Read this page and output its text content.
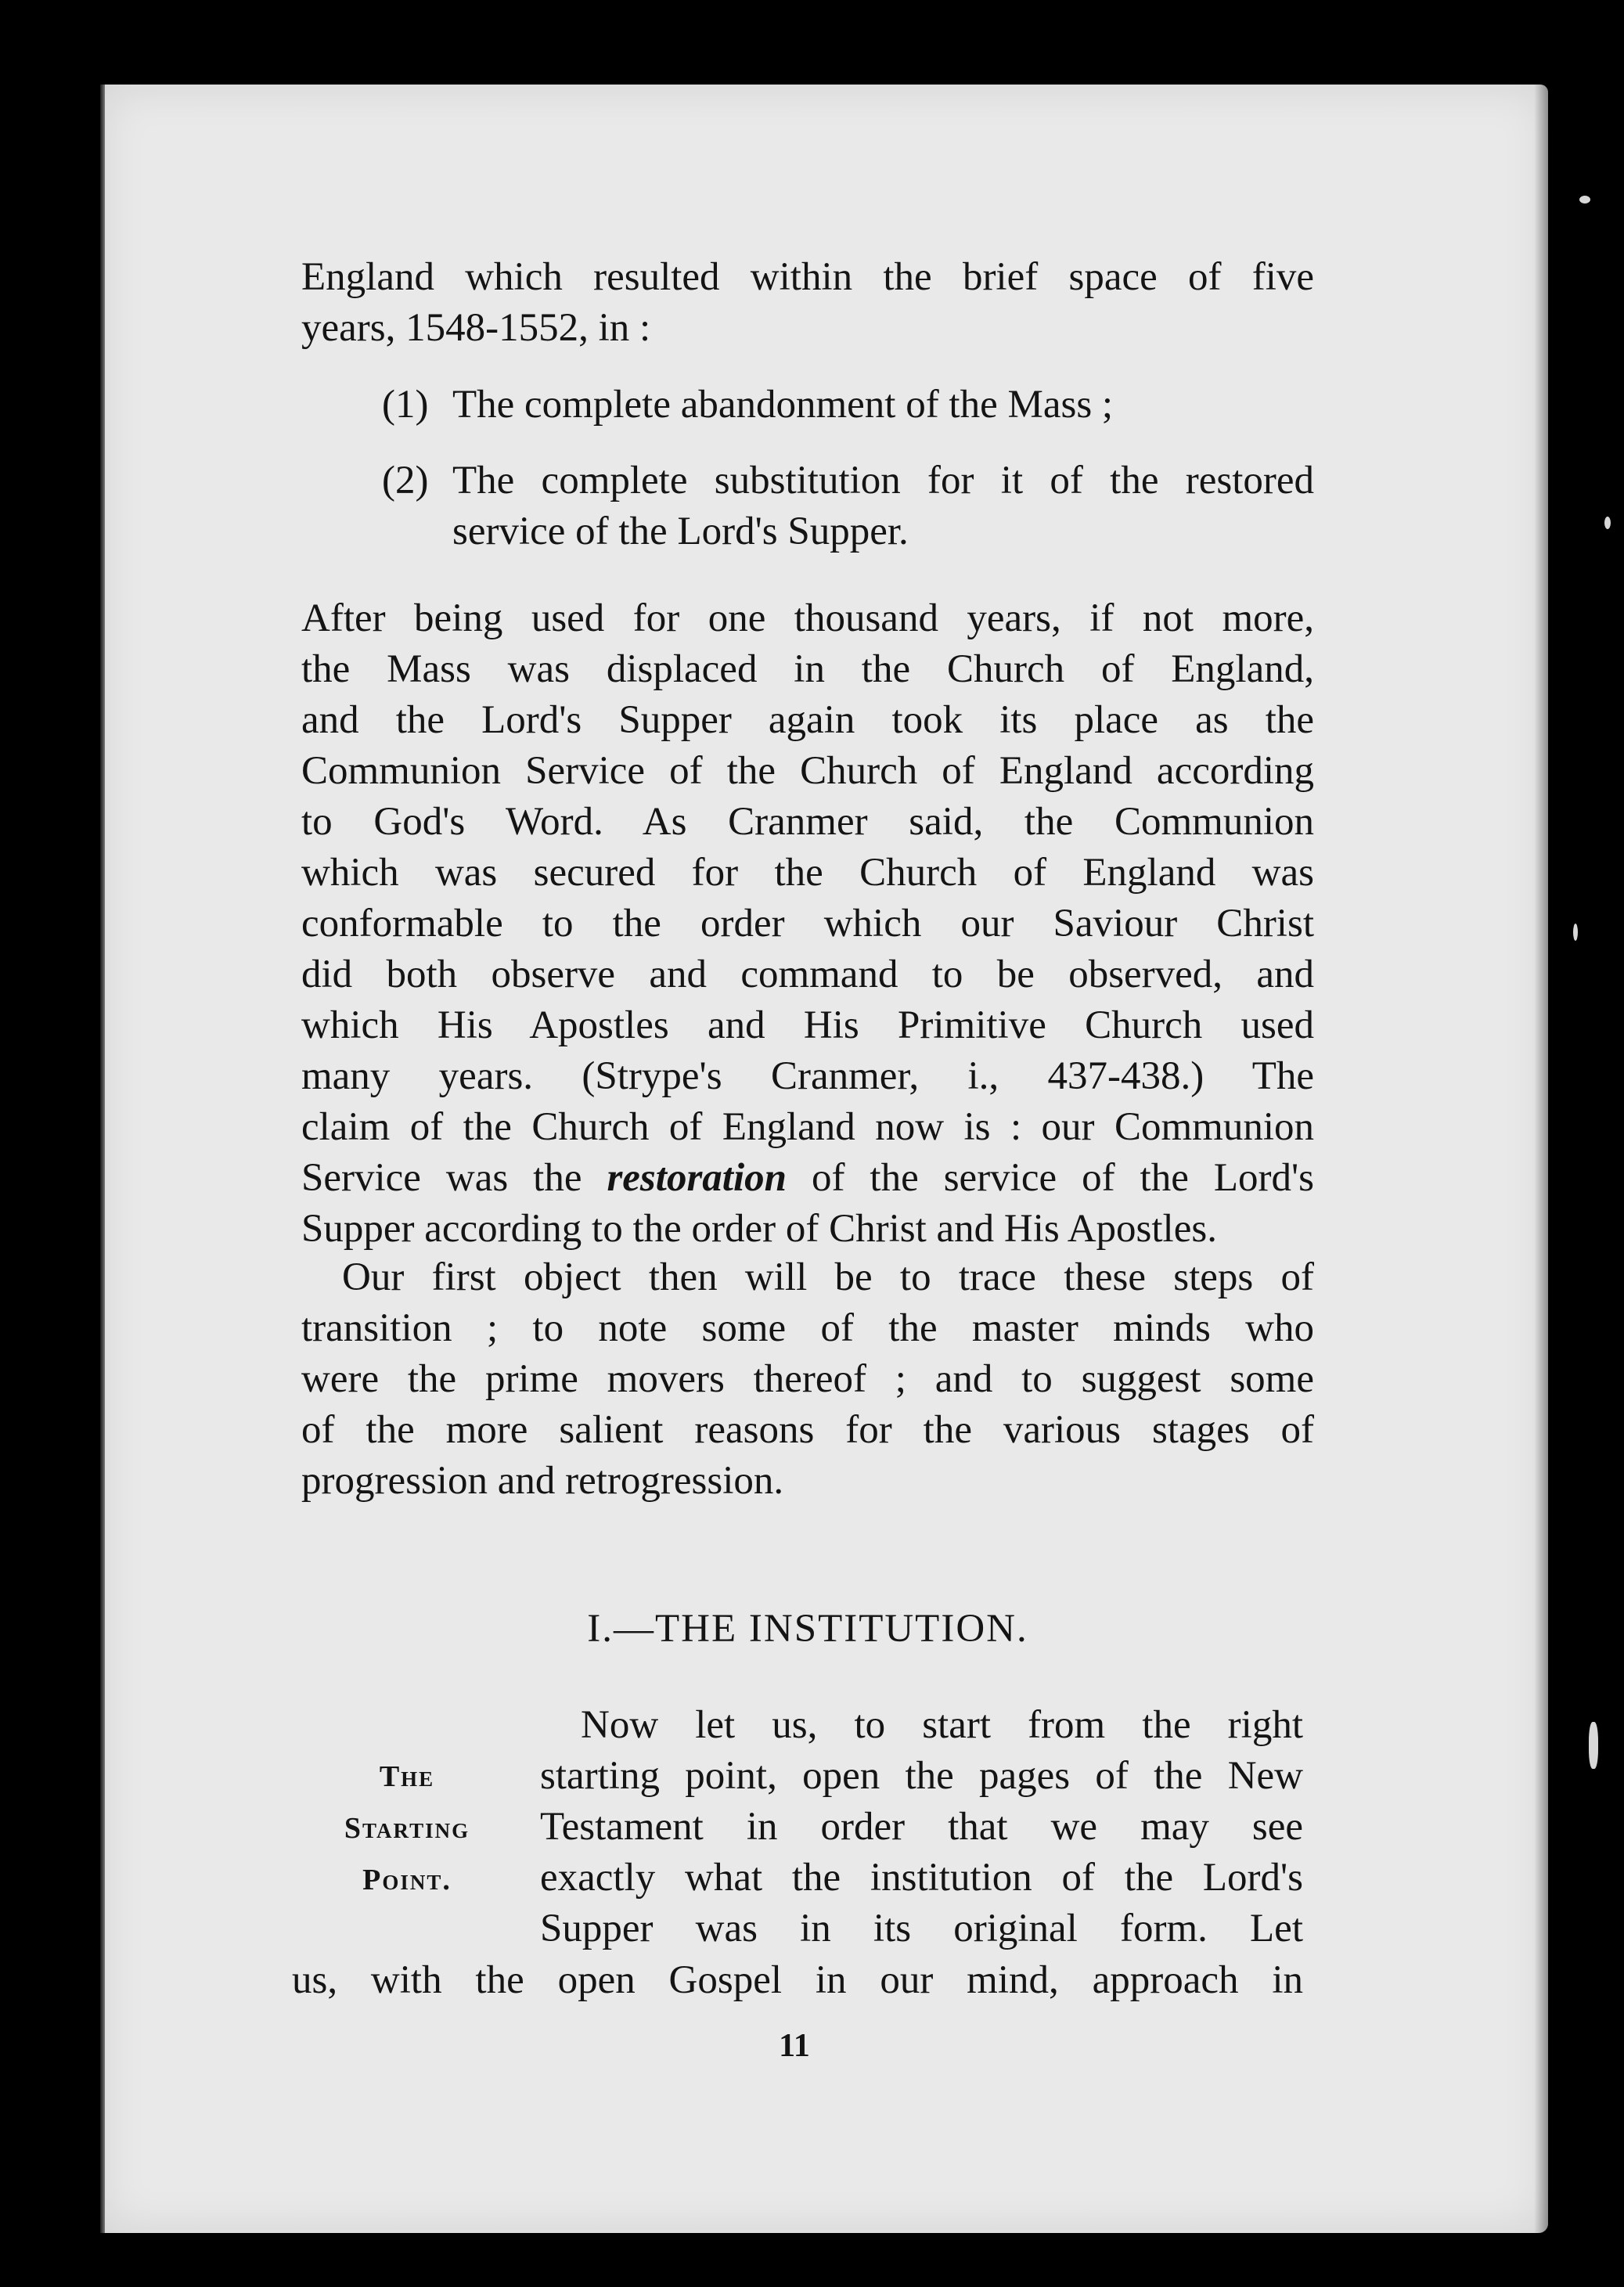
England which resulted within the brief space of five
years, 1548-1552, in :
(1) The complete abandonment of the Mass ;
(2) The complete substitution for it of the restored
service of the Lord's Supper.
After being used for one thousand years, if not more,
the Mass was displaced in the Church of England,
and the Lord's Supper again took its place as the
Communion Service of the Church of England according
to God's Word. As Cranmer said, the Communion
which was secured for the Church of England was
conformable to the order which our Saviour Christ
did both observe and command to be observed, and
which His Apostles and His Primitive Church used
many years. (Strype's Cranmer, i., 437-438.) The
claim of the Church of England now is : our Communion
Service was the restoration of the service of the Lord's
Supper according to the order of Christ and His Apostles.
Our first object then will be to trace these steps of
transition ; to note some of the master minds who
were the prime movers thereof ; and to suggest some
of the more salient reasons for the various stages of
progression and retrogression.
I.—THE INSTITUTION.
The
Starting
Point.
Now let us, to start from the right
starting point, open the pages of the New
Testament in order that we may see
exactly what the institution of the Lord's
Supper was in its original form. Let
us, with the open Gospel in our mind, approach in
11
